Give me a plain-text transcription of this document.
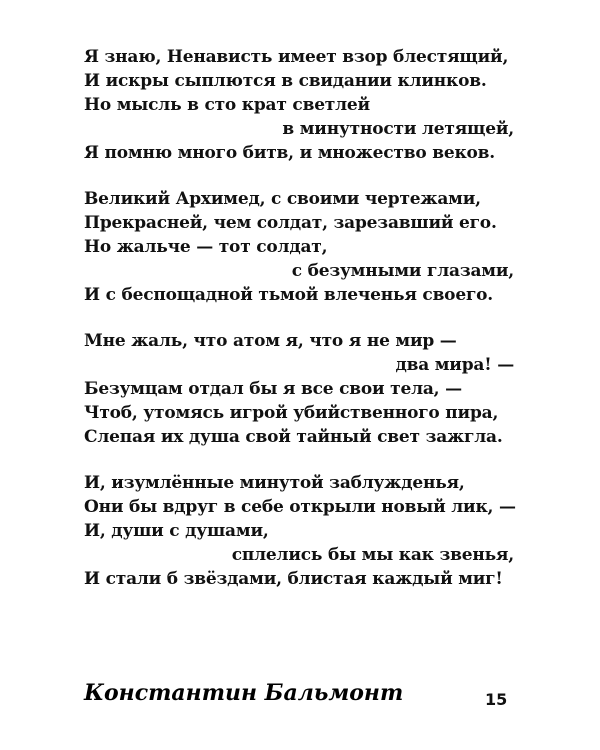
Я знаю, Ненависть имеет взор блестящий,
И искры сыплются в свидании клинков.
Но мысль в сто крат светлей
в минутности летящей,
Я помню много битв, и множество веков.
Великий Архимед, с своими чертежами,
Прекрасней, чем солдат, зарезавший его.
Но жальче — тот солдат,
с безумными глазами,
И с беспощадной тьмой влеченья своего.
Мне жаль, что атом я, что я не мир —
два мира! —
Безумцам отдал бы я все свои тела, —
Чтоб, утомясь игрой убийственного пира,
Слепая их душа свой тайный свет зажгла.
И, изумлённые минутой заблужденья,
Они бы вдруг в себе открыли новый лик, —
И, души с душами,
сплелись бы мы как звенья,
И стали б звёздами, блистая каждый миг!
Константин Бальмонт	15
